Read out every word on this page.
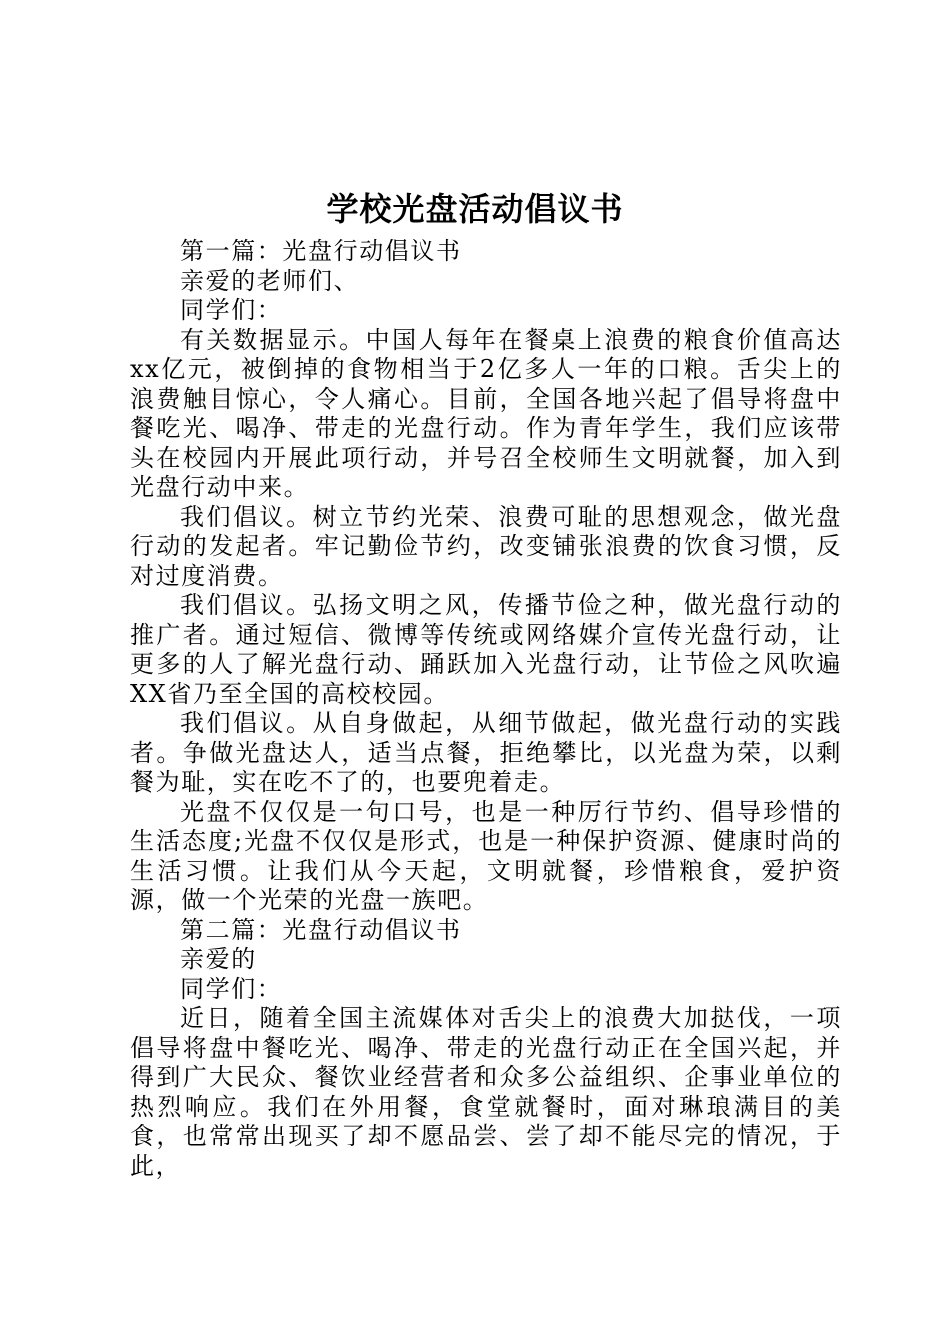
学校光盘活动倡议书

第一篇：光盘行动倡议书

亲爱的老师们、

同学们：

有关数据显示。中国人每年在餐桌上浪费的粮食价值高达xx亿元，被倒掉的食物相当于2亿多人一年的口粮。舌尖上的浪费触目惊心，令人痛心。目前，全国各地兴起了倡导将盘中餐吃光、喝净、带走的光盘行动。作为青年学生，我们应该带头在校园内开展此项行动，并号召全校师生文明就餐，加入到光盘行动中来。

我们倡议。树立节约光荣、浪费可耻的思想观念，做光盘行动的发起者。牢记勤俭节约，改变铺张浪费的饮食习惯，反对过度消费。

我们倡议。弘扬文明之风，传播节俭之种，做光盘行动的推广者。通过短信、微博等传统或网络媒介宣传光盘行动，让更多的人了解光盘行动、踊跃加入光盘行动，让节俭之风吹遍XX省乃至全国的高校校园。

我们倡议。从自身做起，从细节做起，做光盘行动的实践者。争做光盘达人，适当点餐，拒绝攀比，以光盘为荣，以剩餐为耻，实在吃不了的，也要兜着走。

光盘不仅仅是一句口号，也是一种厉行节约、倡导珍惜的生活态度;光盘不仅仅是形式，也是一种保护资源、健康时尚的生活习惯。让我们从今天起，文明就餐，珍惜粮食，爱护资源，做一个光荣的光盘一族吧。

第二篇：光盘行动倡议书

亲爱的

同学们：

近日，随着全国主流媒体对舌尖上的浪费大加挞伐，一项倡导将盘中餐吃光、喝净、带走的光盘行动正在全国兴起，并得到广大民众、餐饮业经营者和众多公益组织、企事业单位的热烈响应。我们在外用餐，食堂就餐时，面对琳琅满目的美食，也常常出现买了却不愿品尝、尝了却不能尽完的情况，于此，
